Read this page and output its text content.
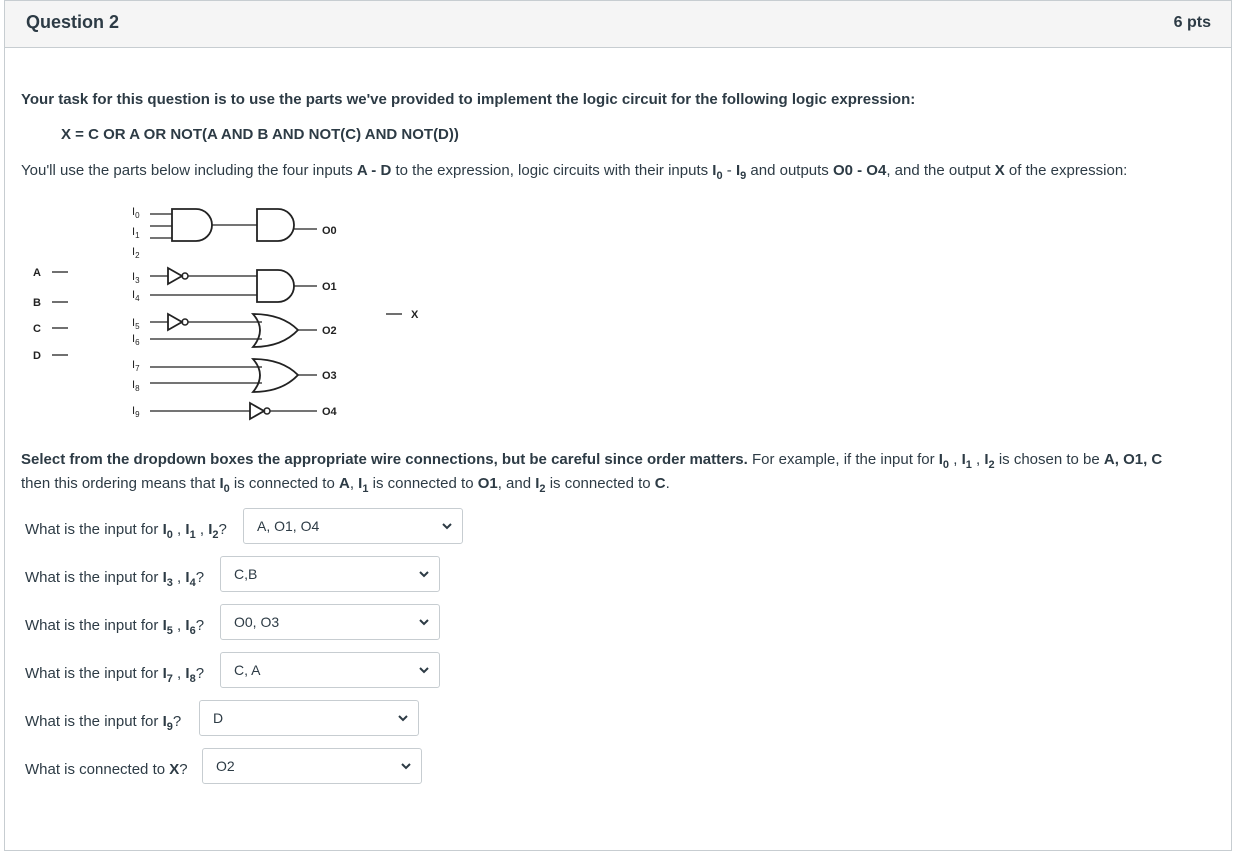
Question 2	6 pts
Your task for this question is to use the parts we've provided to implement the logic circuit for the following logic expression:
X = C OR A OR NOT(A AND B AND NOT(C) AND NOT(D))
You'll use the parts below including the four inputs A - D to the expression, logic circuits with their inputs $I_0 - I_9$ and outputs O0 - O4, and the output X of the expression:
A
B
C
D
$I_0$
$I_1$
$I_2$
$I_3$
$I_4$
$I_5$
$I_6$
$I_7$
$I_8$
$I_9$
O0
O1
O2
O3
O4
X
Select from the dropdown boxes the appropriate wire connections, but be careful since order matters. For example, if the input for $I_0$ , $I_1$ , $I_2$ is chosen to be A, O1, C
then this ordering means that $I_0$ is connected to A, $I_1$ is connected to O1, and $I_2$ is connected to C.
What is the input for $I_0$ , $I_1$ , $I_2$? A, O1, O4
What is the input for $I_3$ , $I_4$? C,B
What is the input for $I_5$ , $I_6$? O0, O3
What is the input for $I_7$ , $I_8$? C, A
What is the input for $I_9$? D
What is connected to X? O2
